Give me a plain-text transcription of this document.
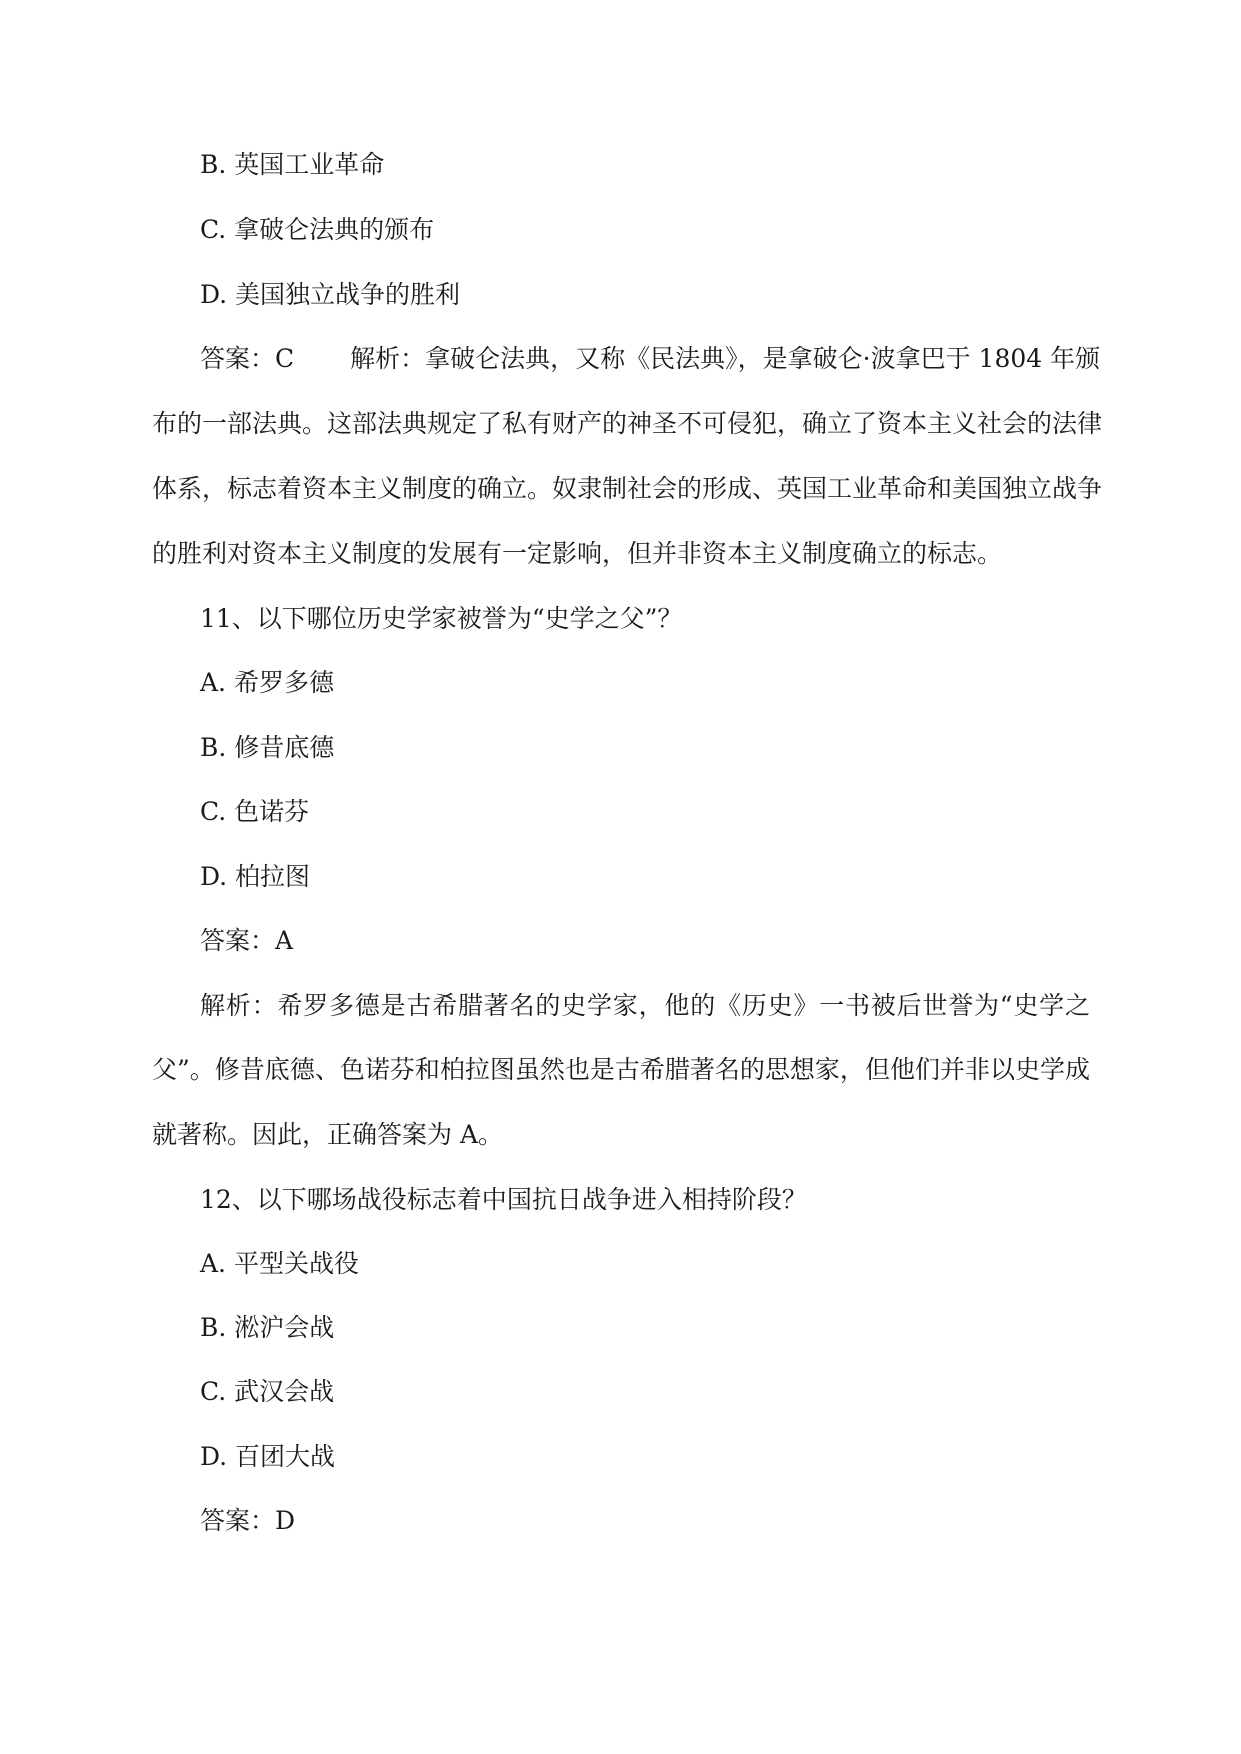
B. 英国工业革命
C. 拿破仑法典的颁布
D. 美国独立战争的胜利
答案：C 解析：拿破仑法典，又称《民法典》，是拿破仑·波拿巴于 1804 年颁
布的一部法典。这部法典规定了私有财产的神圣不可侵犯，确立了资本主义社会的法律
体系，标志着资本主义制度的确立。奴隶制社会的形成、英国工业革命和美国独立战争
的胜利对资本主义制度的发展有一定影响，但并非资本主义制度确立的标志。
11、以下哪位历史学家被誉为“史学之父”？
A. 希罗多德
B. 修昔底德
C. 色诺芬
D. 柏拉图
答案：A
解析：希罗多德是古希腊著名的史学家，他的《历史》一书被后世誉为“史学之
父”。修昔底德、色诺芬和柏拉图虽然也是古希腊著名的思想家，但他们并非以史学成
就著称。因此，正确答案为 A。
12、以下哪场战役标志着中国抗日战争进入相持阶段？
A. 平型关战役
B. 淞沪会战
C. 武汉会战
D. 百团大战
答案：D
